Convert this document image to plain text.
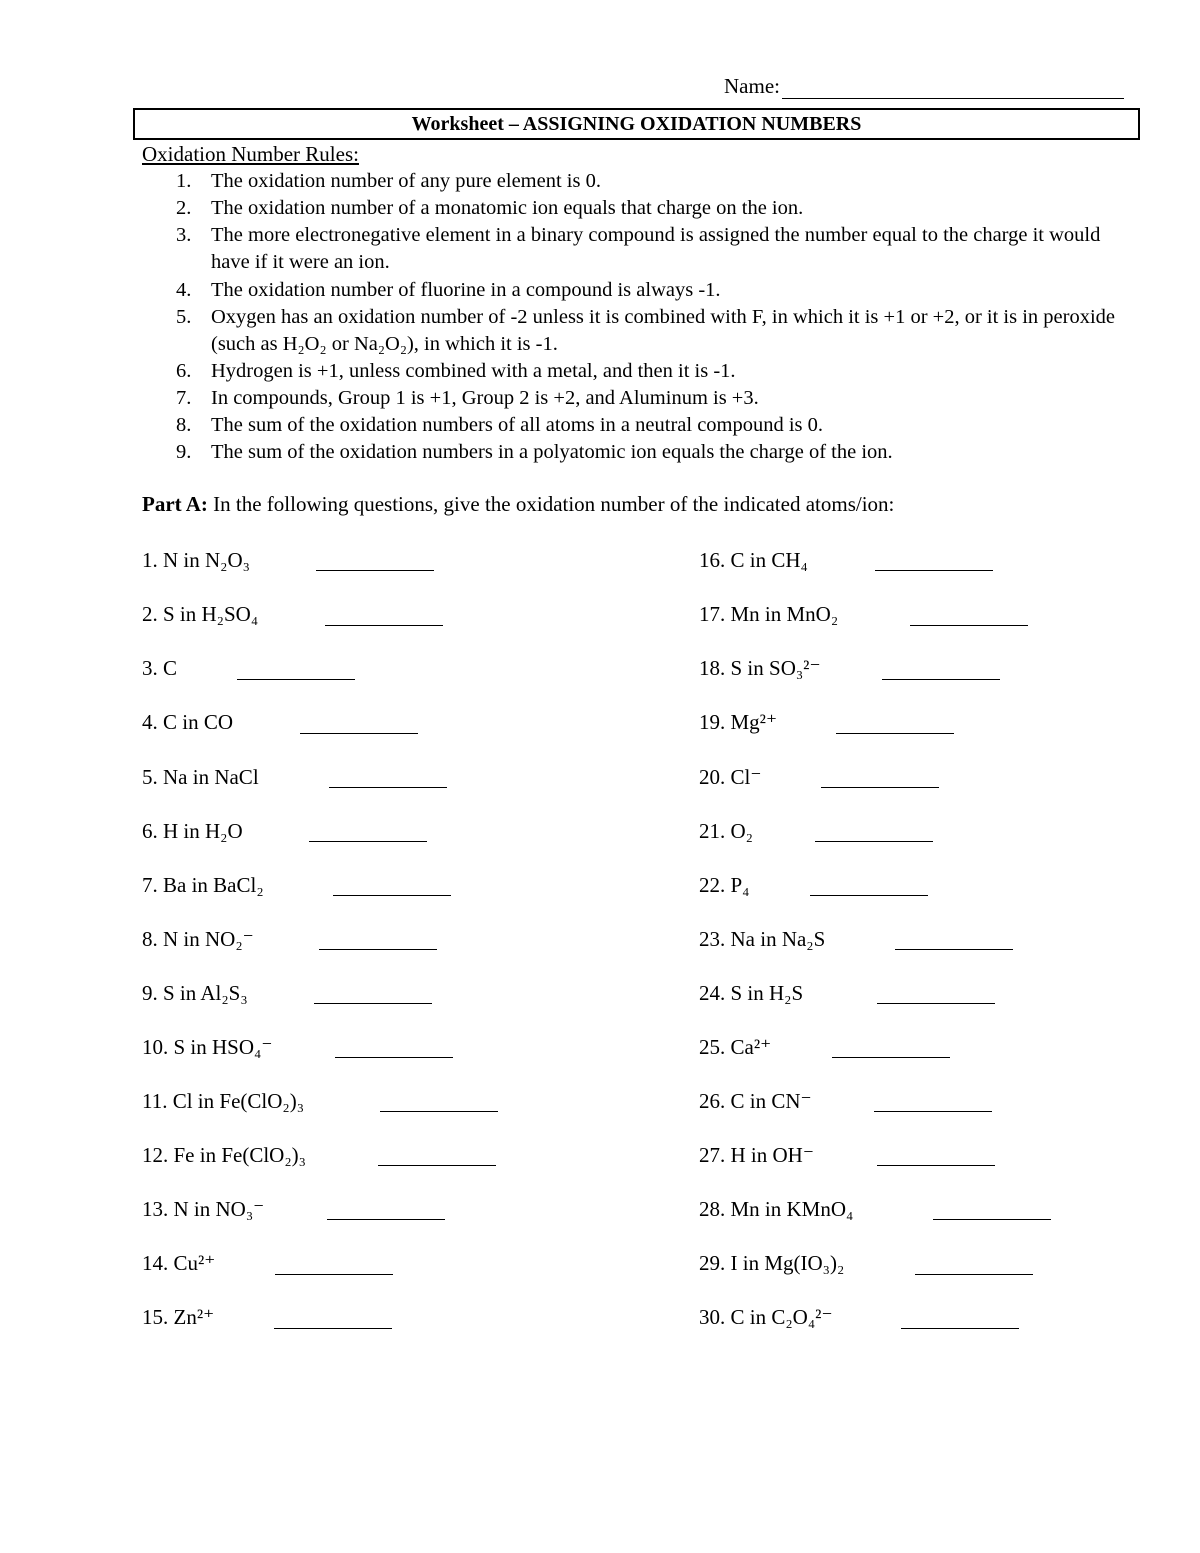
Name:
Worksheet – ASSIGNING OXIDATION NUMBERS
Oxidation Number Rules:
1. The oxidation number of any pure element is 0.
2. The oxidation number of a monatomic ion equals that charge on the ion.
3. The more electronegative element in a binary compound is assigned the number equal to the charge it would have if it were an ion.
4. The oxidation number of fluorine in a compound is always -1.
5. Oxygen has an oxidation number of -2 unless it is combined with F, in which it is +1 or +2, or it is in peroxide (such as H₂O₂ or Na₂O₂), in which it is -1.
6. Hydrogen is +1, unless combined with a metal, and then it is -1.
7. In compounds, Group 1 is +1, Group 2 is +2, and Aluminum is +3.
8. The sum of the oxidation numbers of all atoms in a neutral compound is 0.
9. The sum of the oxidation numbers in a polyatomic ion equals the charge of the ion.
Part A: In the following questions, give the oxidation number of the indicated atoms/ion:
1. N in N₂O₃
2. S in H₂SO₄
3. C
4. C in CO
5. Na in NaCl
6. H in H₂O
7. Ba in BaCl₂
8. N in NO₂⁻
9. S in Al₂S₃
10. S in HSO₄⁻
11. Cl in Fe(ClO₂)₃
12. Fe in Fe(ClO₂)₃
13. N in NO₃⁻
14. Cu²⁺
15. Zn²⁺
16. C in CH₄
17. Mn in MnO₂
18. S in SO₃²⁻
19. Mg²⁺
20. Cl⁻
21. O₂
22. P₄
23. Na in Na₂S
24. S in H₂S
25. Ca²⁺
26. C in CN⁻
27. H in OH⁻
28. Mn in KMnO₄
29. I in Mg(IO₃)₂
30. C in C₂O₄²⁻
